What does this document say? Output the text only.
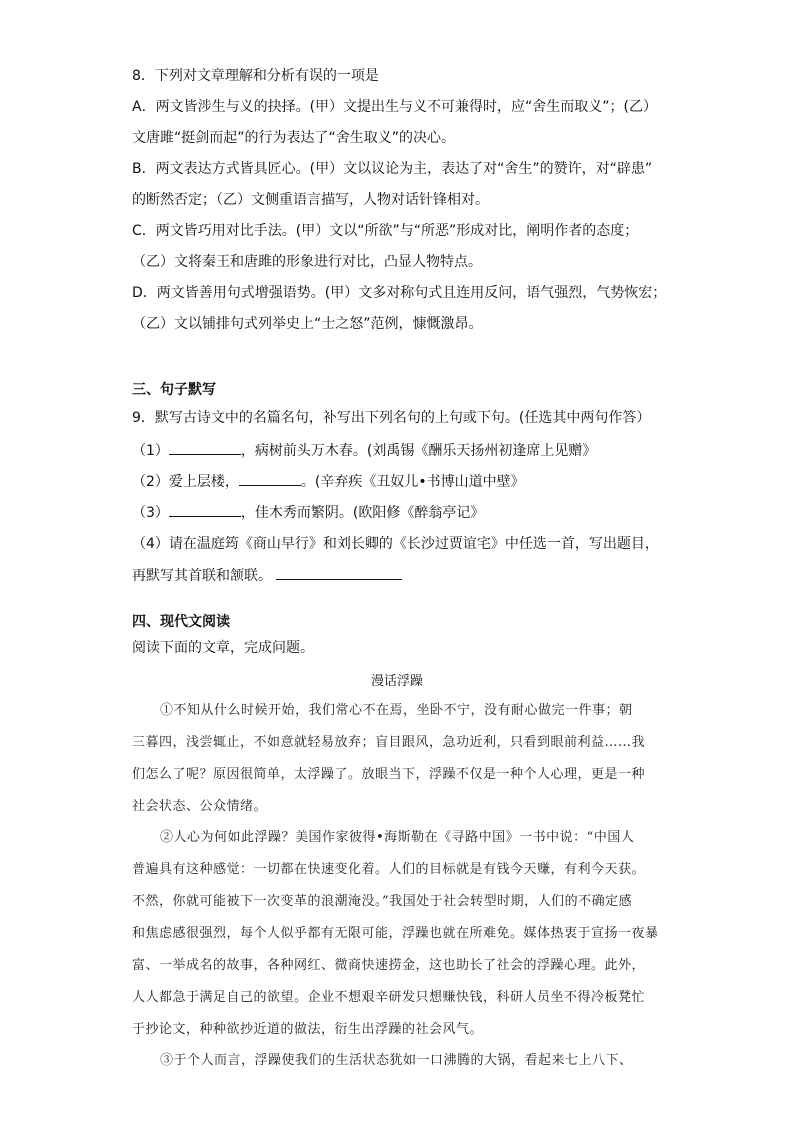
8．下列对文章理解和分析有误的一项是
A．两文皆涉生与义的抉择。(甲）文提出生与义不可兼得时，应“舍生而取义”；(乙）
文唐雎“挺剑而起”的行为表达了“舍生取义”的决心。
B．两文表达方式皆具匠心。(甲）文以议论为主，表达了对“舍生”的赞许，对“辟患”
的断然否定；（乙）文侧重语言描写，人物对话针锋相对。
C．两文皆巧用对比手法。(甲）文以“所欲”与“所恶”形成对比，阐明作者的态度；
（乙）文将秦王和唐雎的形象进行对比，凸显人物特点。
D．两文皆善用句式增强语势。(甲）文多对称句式且连用反问，语气强烈，气势恢宏；
（乙）文以铺排句式列举史上“士之怒”范例，慷慨激昂。
三、句子默写
9．默写古诗文中的名篇名句，补写出下列名句的上句或下句。(任选其中两句作答）
（1）	，病树前头万木春。(刘禹锡《酬乐天扬州初逢席上见赠》
（2）爱上层楼，	。(辛弃疾《丑奴儿•书博山道中壁》
（3）	，佳木秀而繁阴。(欧阳修《醉翁亭记》
（4）请在温庭筠《商山早行》和刘长卿的《长沙过贾谊宅》中任选一首，写出题目，
再默写其首联和颔联。
四、现代文阅读
阅读下面的文章，完成问题。
漫话浮躁
①不知从什么时候开始，我们常心不在焉，坐卧不宁，没有耐心做完一件事；朝
三暮四，浅尝辄止，不如意就轻易放弃；盲目跟风，急功近利，只看到眼前利益……我
们怎么了呢？原因很简单，太浮躁了。放眼当下，浮躁不仅是一种个人心理，更是一种
社会状态、公众情绪。
②人心为何如此浮躁？美国作家彼得•海斯勒在《寻路中国》一书中说：“中国人
普遍具有这种感觉：一切都在快速变化着。人们的目标就是有钱今天赚，有利今天获。
不然，你就可能被下一次变革的浪潮淹没。”我国处于社会转型时期，人们的不确定感
和焦虑感很强烈，每个人似乎都有无限可能，浮躁也就在所难免。媒体热衷于宣扬一夜暴
富、一举成名的故事，各种网红、微商快速捞金，这也助长了社会的浮躁心理。此外，
人人都急于满足自己的欲望。企业不想艰辛研发只想赚快钱，科研人员坐不得冷板凳忙
于抄论文，种种欲抄近道的做法，衍生出浮躁的社会风气。
③于个人而言，浮躁使我们的生活状态犹如一口沸腾的大锅，看起来七上八下、
